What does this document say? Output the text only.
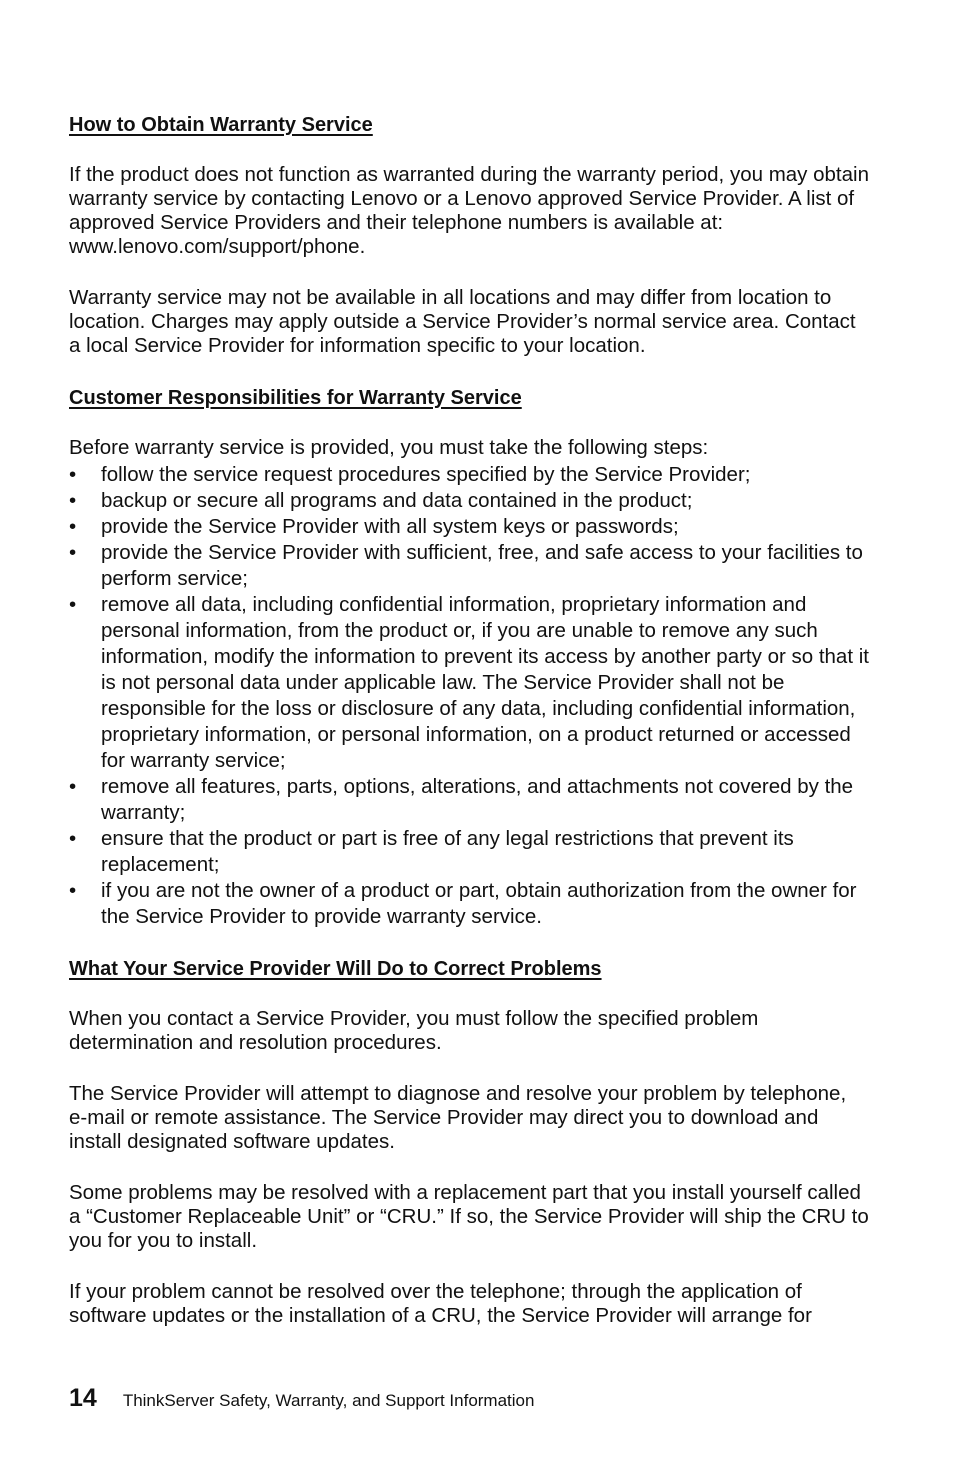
How to Obtain Warranty Service

If the product does not function as warranted during the warranty period, you may obtain warranty service by contacting Lenovo or a Lenovo approved Service Provider. A list of approved Service Providers and their telephone numbers is available at: www.lenovo.com/support/phone.

Warranty service may not be available in all locations and may differ from location to location. Charges may apply outside a Service Provider’s normal service area. Contact a local Service Provider for information specific to your location.

Customer Responsibilities for Warranty Service

Before warranty service is provided, you must take the following steps:

• follow the service request procedures specified by the Service Provider;
• backup or secure all programs and data contained in the product;
• provide the Service Provider with all system keys or passwords;
• provide the Service Provider with sufficient, free, and safe access to your facilities to perform service;
• remove all data, including confidential information, proprietary information and personal information, from the product or, if you are unable to remove any such information, modify the information to prevent its access by another party or so that it is not personal data under applicable law. The Service Provider shall not be responsible for the loss or disclosure of any data, including confidential information, proprietary information, or personal information, on a product returned or accessed for warranty service;
• remove all features, parts, options, alterations, and attachments not covered by the warranty;
• ensure that the product or part is free of any legal restrictions that prevent its replacement;
• if you are not the owner of a product or part, obtain authorization from the owner for the Service Provider to provide warranty service.
What Your Service Provider Will Do to Correct Problems

When you contact a Service Provider, you must follow the specified problem determination and resolution procedures.

The Service Provider will attempt to diagnose and resolve your problem by telephone, e-mail or remote assistance. The Service Provider may direct you to download and install designated software updates.

Some problems may be resolved with a replacement part that you install yourself called a “Customer Replaceable Unit” or “CRU.” If so, the Service Provider will ship the CRU to you for you to install.

If your problem cannot be resolved over the telephone; through the application of software updates or the installation of a CRU, the Service Provider will arrange for

14 ThinkServer Safety, Warranty, and Support Information
